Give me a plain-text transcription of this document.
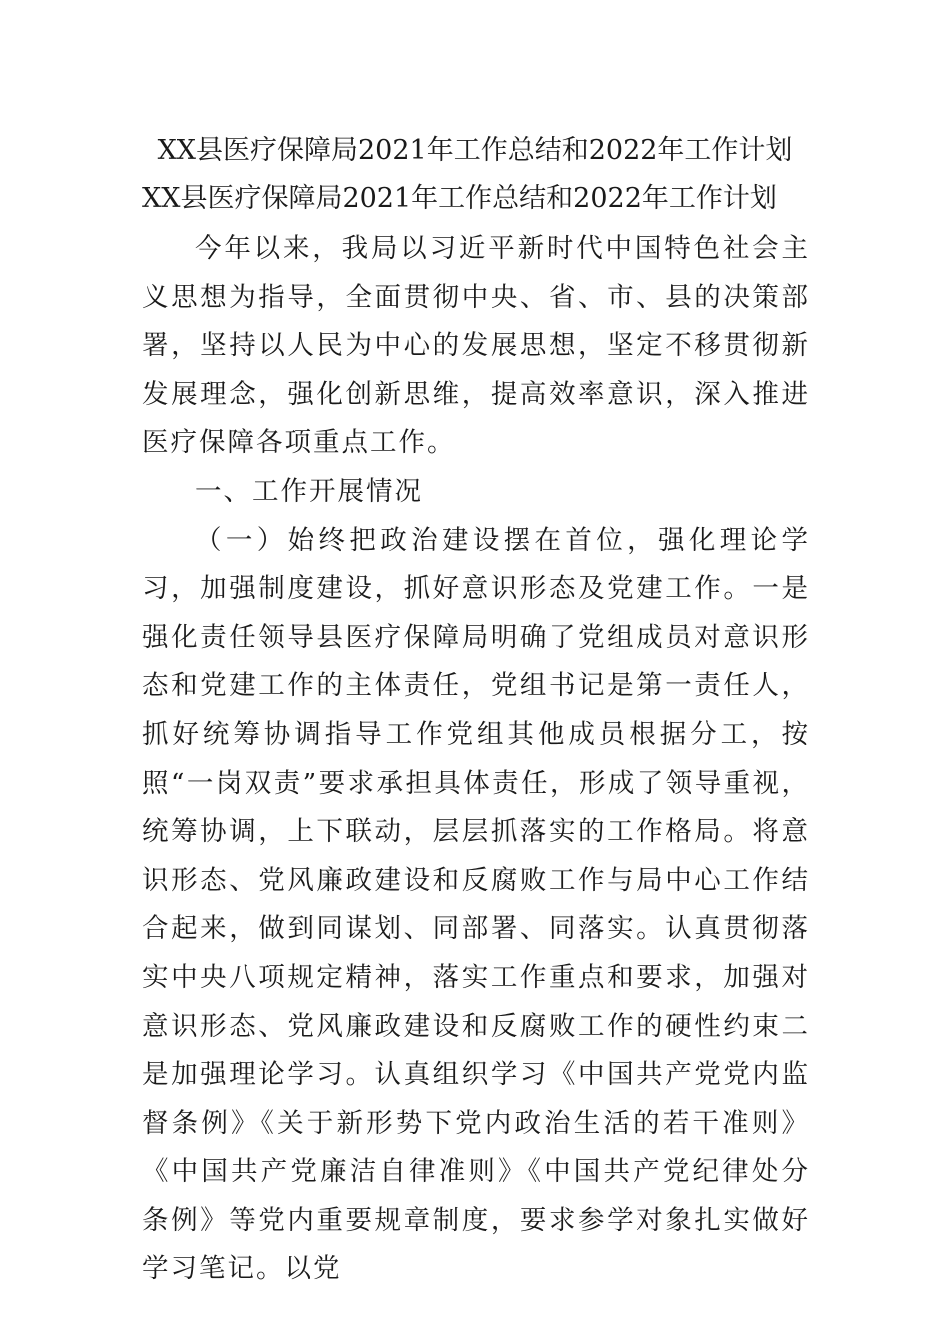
XX县医疗保障局2021年工作总结和2022年工作计划
XX县医疗保障局2021年工作总结和2022年工作计划

今年以来，我局以习近平新时代中国特色社会主义思想为指导，全面贯彻中央、省、市、县的决策部署，坚持以人民为中心的发展思想，坚定不移贯彻新发展理念，强化创新思维，提高效率意识，深入推进医疗保障各项重点工作。

一、工作开展情况

（一）始终把政治建设摆在首位，强化理论学习，加强制度建设，抓好意识形态及党建工作。一是强化责任领导县医疗保障局明确了党组成员对意识形态和党建工作的主体责任，党组书记是第一责任人，抓好统筹协调指导工作党组其他成员根据分工，按照“一岗双责”要求承担具体责任，形成了领导重视，统筹协调，上下联动，层层抓落实的工作格局。将意识形态、党风廉政建设和反腐败工作与局中心工作结合起来，做到同谋划、同部署、同落实。认真贯彻落实中央八项规定精神，落实工作重点和要求，加强对意识形态、党风廉政建设和反腐败工作的硬性约束二是加强理论学习。认真组织学习《中国共产党党内监督条例》《关于新形势下党内政治生活的若干准则》《中国共产党廉洁自律准则》《中国共产党纪律处分条例》等党内重要规章制度，要求参学对象扎实做好学习笔记。以党
